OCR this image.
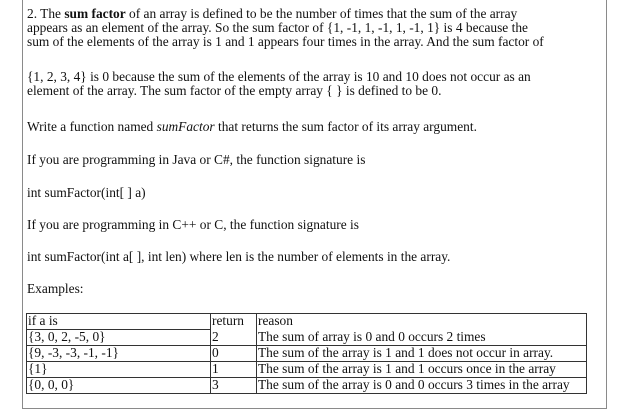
2. The sum factor of an array is defined to be the number of times that the sum of the array
appears as an element of the array. So the sum factor of {1, -1, 1, -1, 1, -1, 1} is 4 because the
sum of the elements of the array is 1 and 1 appears four times in the array. And the sum factor of
{1, 2, 3, 4} is 0 because the sum of the elements of the array is 10 and 10 does not occur as an
element of the array. The sum factor of the empty array { } is defined to be 0.
Write a function named sumFactor that returns the sum factor of its array argument.
If you are programming in Java or C#, the function signature is
int sumFactor(int[ ] a)
If you are programming in C++ or C, the function signature is
int sumFactor(int a[ ], int len) where len is the number of elements in the array.
Examples:
if a is	return	reason
{3, 0, 2, -5, 0}	2	The sum of array is 0 and 0 occurs 2 times
{9, -3, -3, -1, -1}	0	The sum of the array is 1 and 1 does not occur in array.
{1}	1	The sum of the array is 1 and 1 occurs once in the array
{0, 0, 0}	3	The sum of the array is 0 and 0 occurs 3 times in the array
